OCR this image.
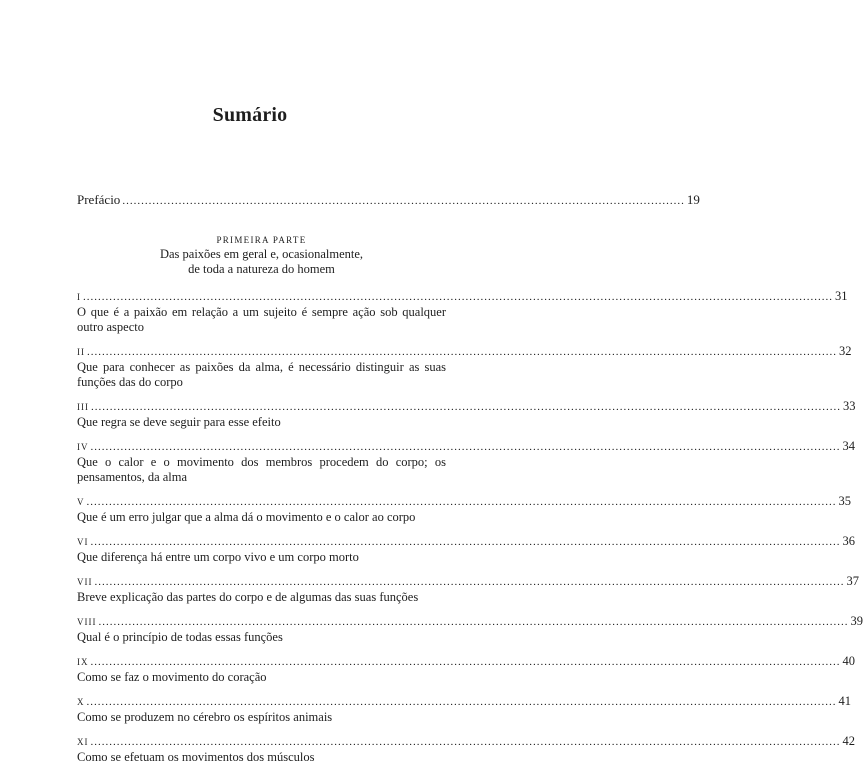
Sumário
Prefácio ...................................................................................................................................................... 19
PRIMEIRA PARTE
Das paixões em geral e, ocasionalmente,
de toda a natureza do homem
I ........................................................................................................................................................................................................ 31
O que é a paixão em relação a um sujeito é sempre ação sob qualquer outro aspecto
II ........................................................................................................................................................................................................ 32
Que para conhecer as paixões da alma, é necessário distinguir as suas funções das do corpo
III ........................................................................................................................................................................................................ 33
Que regra se deve seguir para esse efeito
IV ........................................................................................................................................................................................................ 34
Que o calor e o movimento dos membros procedem do corpo; os pensamentos, da alma
V ........................................................................................................................................................................................................ 35
Que é um erro julgar que a alma dá o movimento e o calor ao corpo
VI ........................................................................................................................................................................................................ 36
Que diferença há entre um corpo vivo e um corpo morto
VII ........................................................................................................................................................................................................ 37
Breve explicação das partes do corpo e de algumas das suas funções
VIII ........................................................................................................................................................................................................ 39
Qual é o princípio de todas essas funções
IX ........................................................................................................................................................................................................ 40
Como se faz o movimento do coração
X ........................................................................................................................................................................................................ 41
Como se produzem no cérebro os espíritos animais
XI ........................................................................................................................................................................................................ 42
Como se efetuam os movimentos dos músculos
